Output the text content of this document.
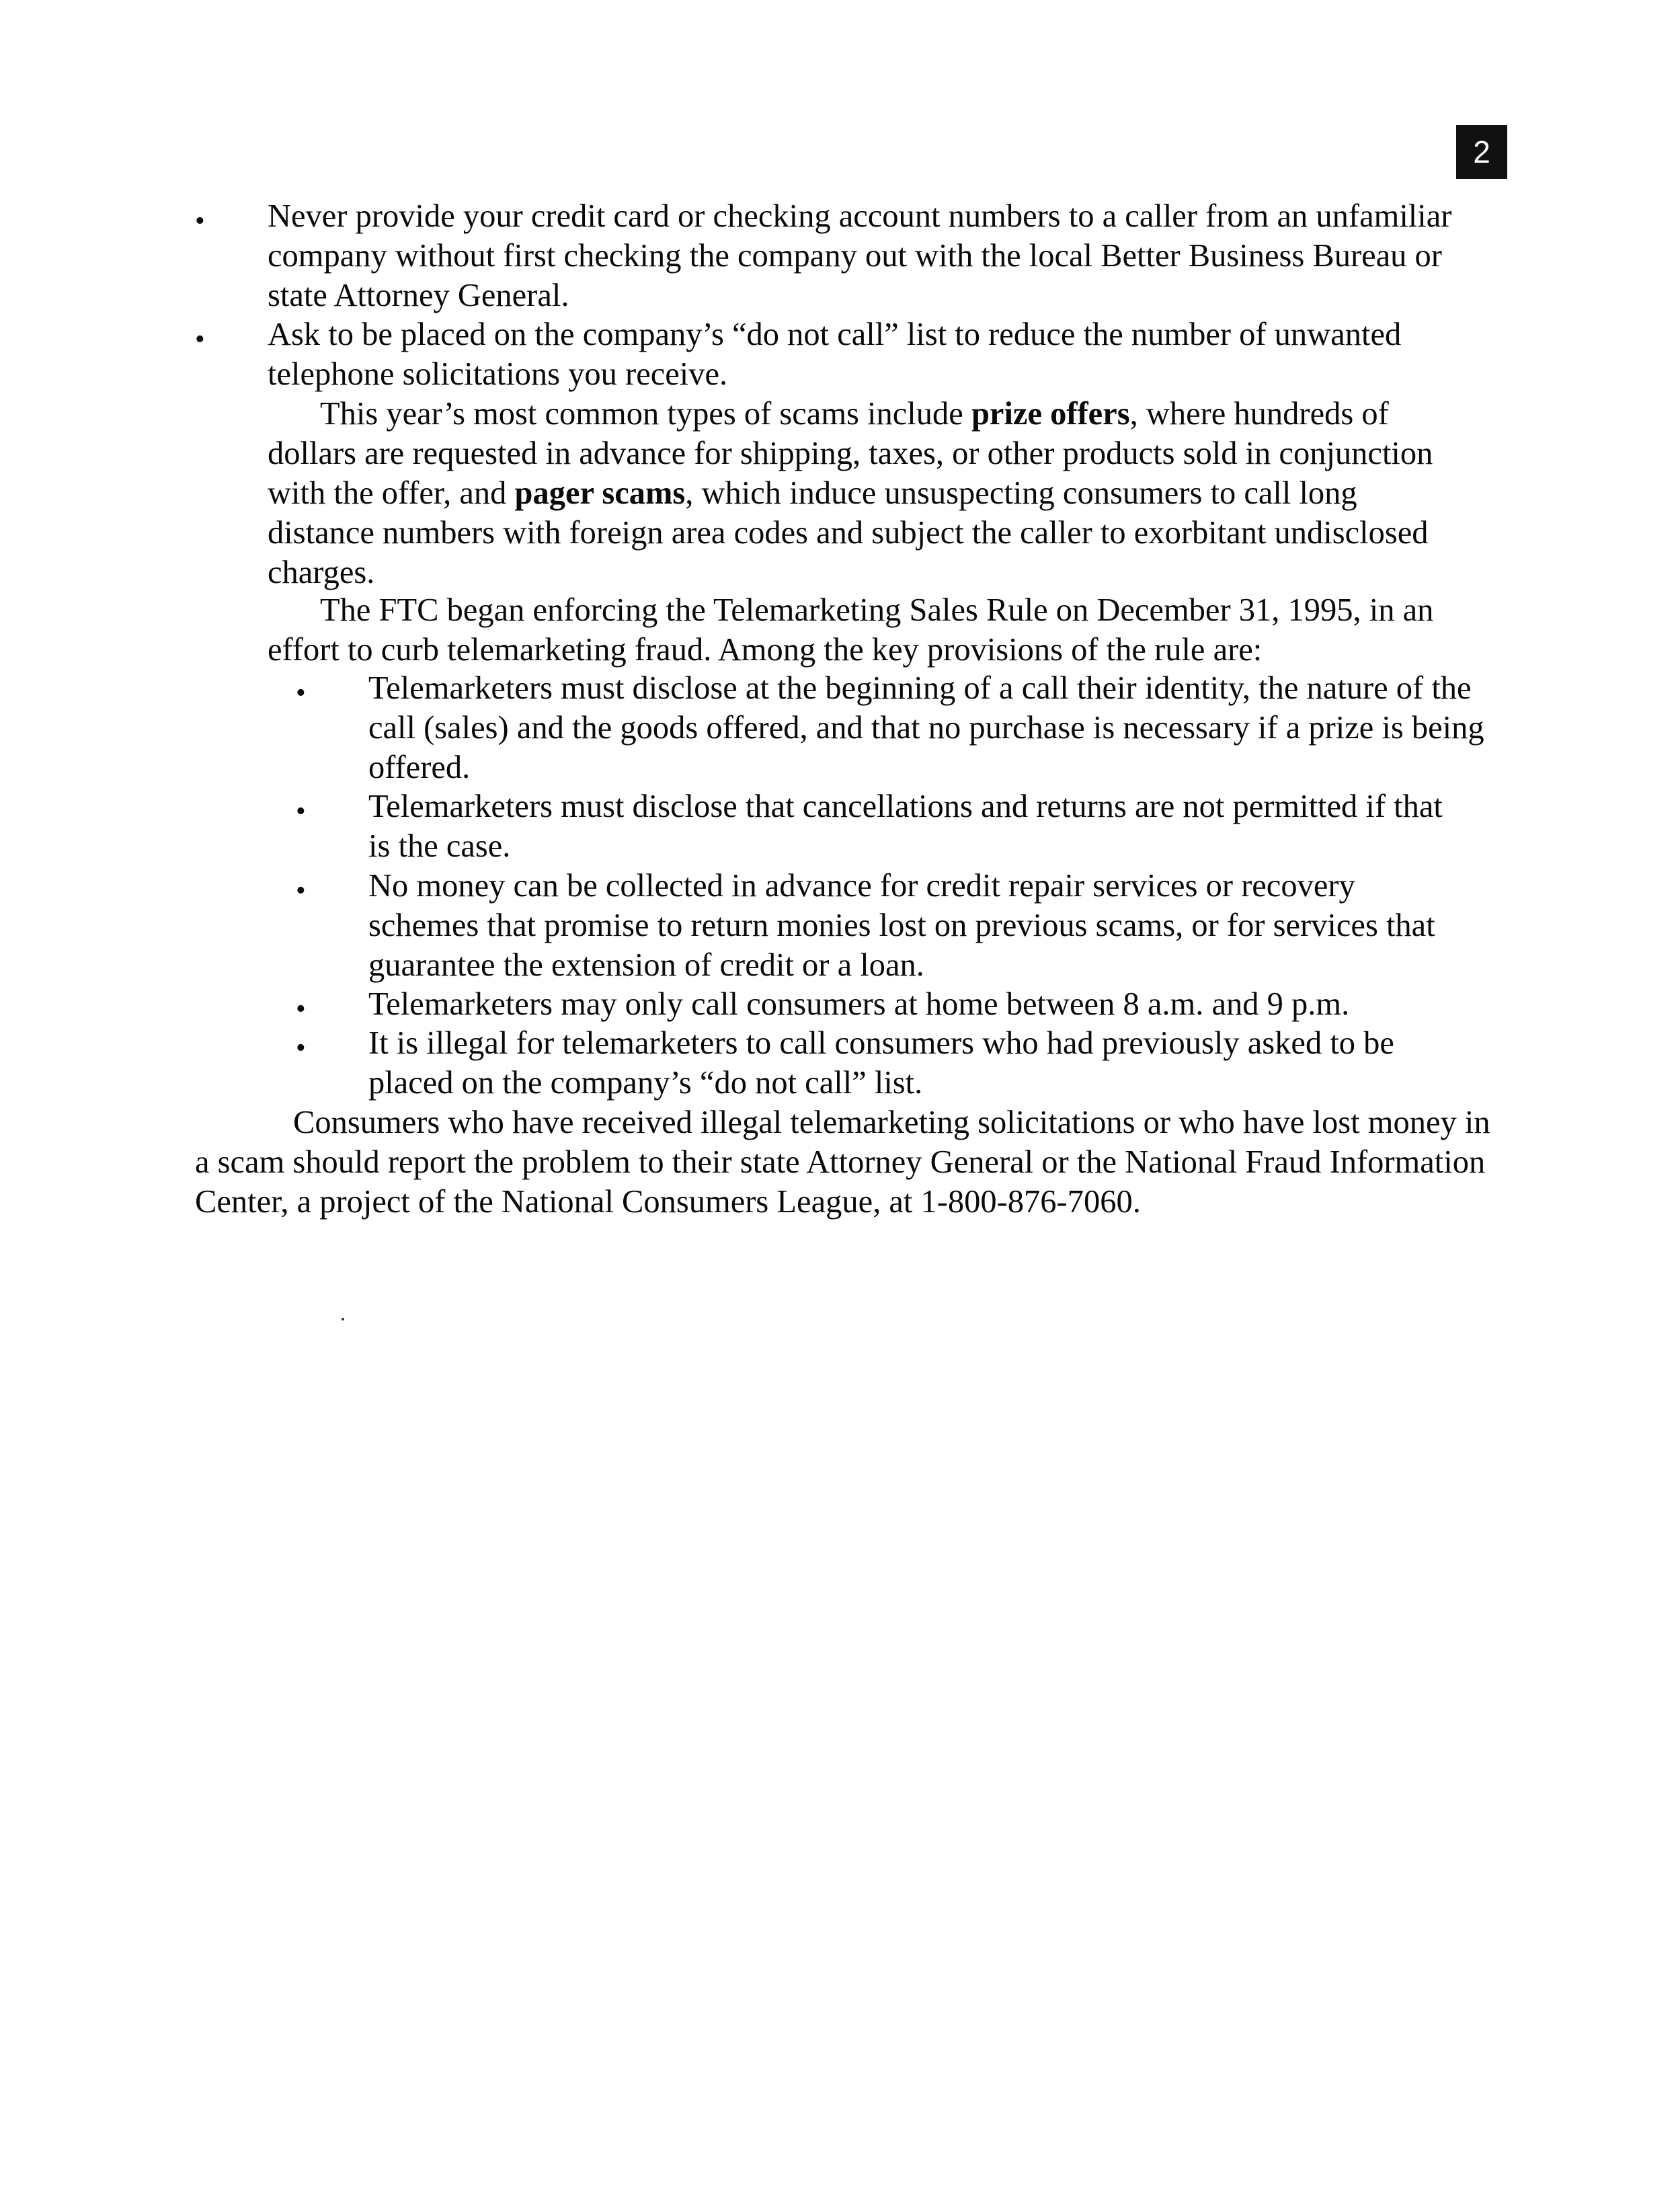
2
• Never provide your credit card or checking account numbers to a caller from an unfamiliar company without first checking the company out with the local Better Business Bureau or state Attorney General.
• Ask to be placed on the company’s “do not call” list to reduce the number of unwanted telephone solicitations you receive.

This year’s most common types of scams include prize offers, where hundreds of dollars are requested in advance for shipping, taxes, or other products sold in conjunction with the offer, and pager scams, which induce unsuspecting consumers to call long distance numbers with foreign area codes and subject the caller to exorbitant undisclosed charges.

The FTC began enforcing the Telemarketing Sales Rule on December 31, 1995, in an effort to curb telemarketing fraud. Among the key provisions of the rule are:

• Telemarketers must disclose at the beginning of a call their identity, the nature of the call (sales) and the goods offered, and that no purchase is necessary if a prize is being offered.
• Telemarketers must disclose that cancellations and returns are not permitted if that is the case.
• No money can be collected in advance for credit repair services or recovery schemes that promise to return monies lost on previous scams, or for services that guarantee the extension of credit or a loan.
• Telemarketers may only call consumers at home between 8 a.m. and 9 p.m.
• It is illegal for telemarketers to call consumers who had previously asked to be placed on the company’s “do not call” list.

Consumers who have received illegal telemarketing solicitations or who have lost money in a scam should report the problem to their state Attorney General or the National Fraud Information Center, a project of the National Consumers League, at 1-800-876-7060.
